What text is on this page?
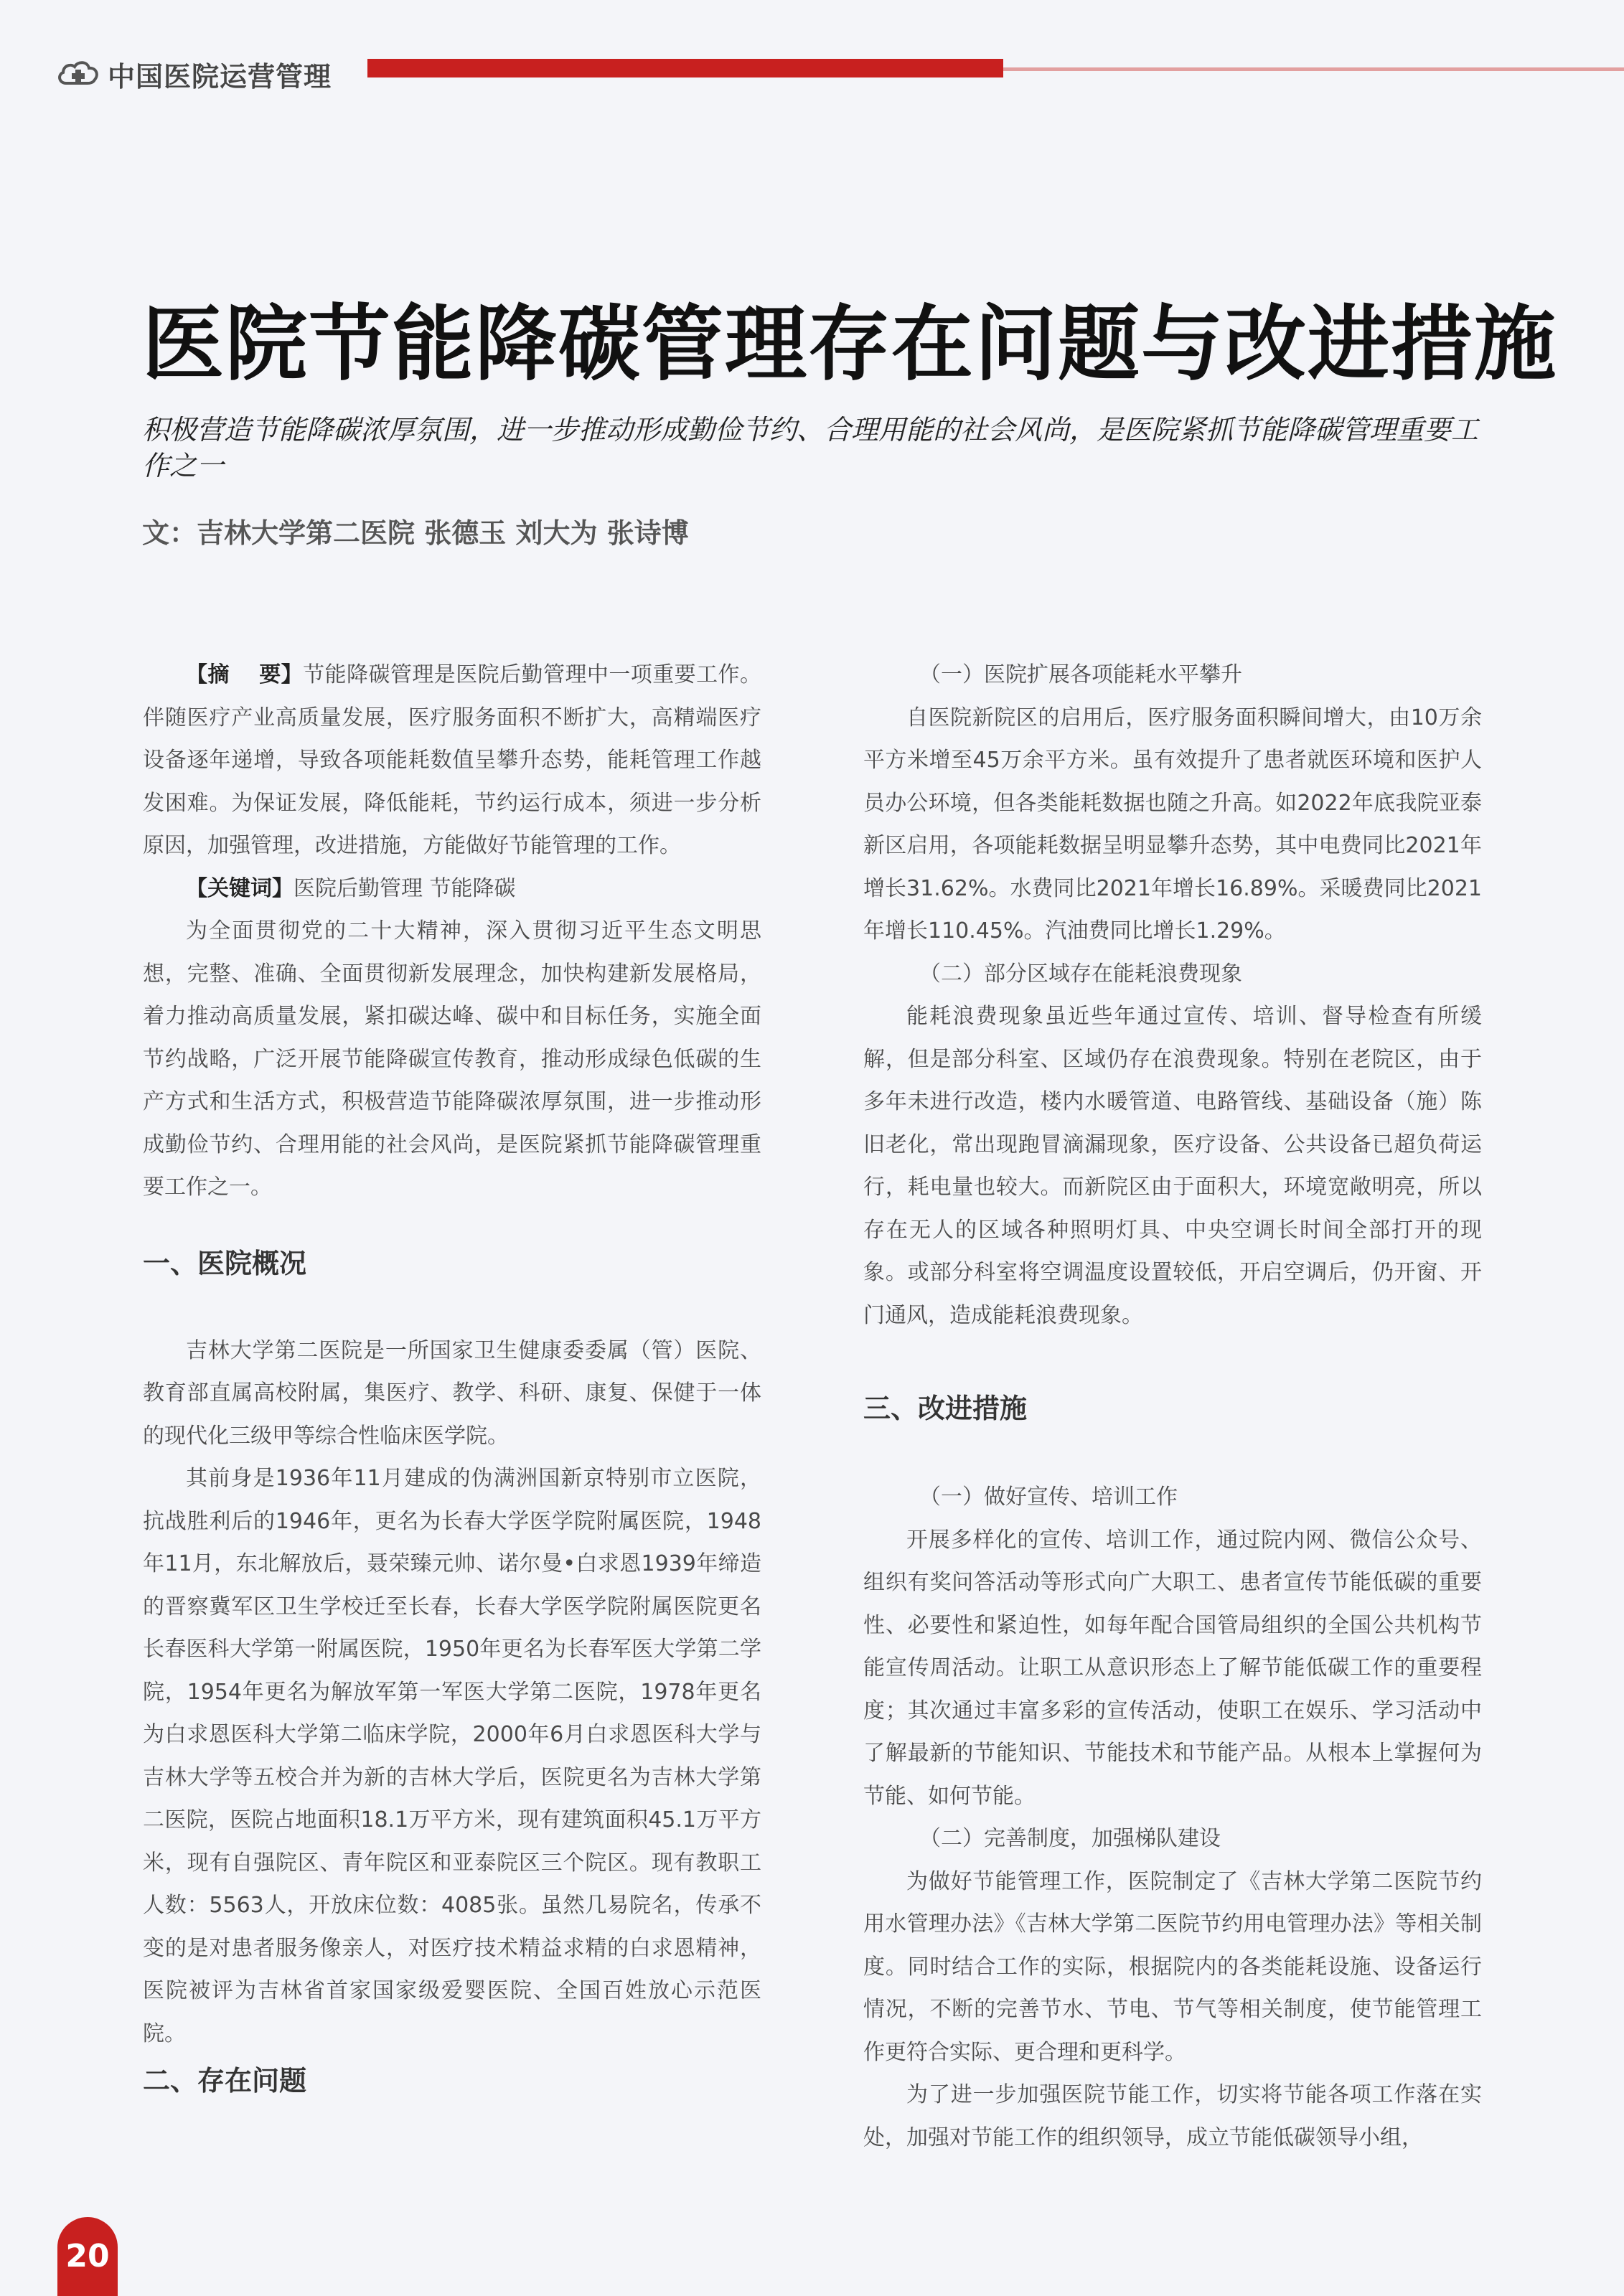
中国医院运营管理
医院节能降碳管理存在问题与改进措施
积极营造节能降碳浓厚氛围，进一步推动形成勤俭节约、合理用能的社会风尚，是医院紧抓节能降碳管理重要工作之一
文：吉林大学第二医院 张德玉 刘大为 张诗博

【摘　 要】节能降碳管理是医院后勤管理中一项重要工作。伴随医疗产业高质量发展，医疗服务面积不断扩大，高精端医疗设备逐年递增，导致各项能耗数值呈攀升态势，能耗管理工作越发困难。为保证发展，降低能耗，节约运行成本，须进一步分析原因，加强管理，改进措施，方能做好节能管理的工作。

【关键词】医院后勤管理 节能降碳

为全面贯彻党的二十大精神，深入贯彻习近平生态文明思想，完整、准确、全面贯彻新发展理念，加快构建新发展格局，着力推动高质量发展，紧扣碳达峰、碳中和目标任务，实施全面节约战略，广泛开展节能降碳宣传教育，推动形成绿色低碳的生产方式和生活方式，积极营造节能降碳浓厚氛围，进一步推动形成勤俭节约、合理用能的社会风尚，是医院紧抓节能降碳管理重要工作之一。

一、医院概况

吉林大学第二医院是一所国家卫生健康委委属（管）医院、教育部直属高校附属，集医疗、教学、科研、康复、保健于一体的现代化三级甲等综合性临床医学院。

其前身是1936年11月建成的伪满洲国新京特别市立医院，抗战胜利后的1946年，更名为长春大学医学院附属医院，1948年11月，东北解放后，聂荣臻元帅、诺尔曼•白求恩1939年缔造的晋察冀军区卫生学校迁至长春，长春大学医学院附属医院更名长春医科大学第一附属医院，1950年更名为长春军医大学第二学院，1954年更名为解放军第一军医大学第二医院，1978年更名为白求恩医科大学第二临床学院，2000年6月白求恩医科大学与吉林大学等五校合并为新的吉林大学后，医院更名为吉林大学第二医院，医院占地面积18.1万平方米，现有建筑面积45.1万平方米，现有自强院区、青年院区和亚泰院区三个院区。现有教职工人数：5563人，开放床位数：4085张。虽然几易院名，传承不变的是对患者服务像亲人，对医疗技术精益求精的白求恩精神，医院被评为吉林省首家国家级爱婴医院、全国百姓放心示范医院。

二、存在问题

（一）医院扩展各项能耗水平攀升

自医院新院区的启用后，医疗服务面积瞬间增大，由10万余平方米增至45万余平方米。虽有效提升了患者就医环境和医护人员办公环境，但各类能耗数据也随之升高。如2022年底我院亚泰新区启用，各项能耗数据呈明显攀升态势，其中电费同比2021年增长31.62%。水费同比2021年增长16.89%。采暖费同比2021年增长110.45%。汽油费同比增长1.29%。

（二）部分区域存在能耗浪费现象

能耗浪费现象虽近些年通过宣传、培训、督导检查有所缓解，但是部分科室、区域仍存在浪费现象。特别在老院区，由于多年未进行改造，楼内水暖管道、电路管线、基础设备（施）陈旧老化，常出现跑冒滴漏现象，医疗设备、公共设备已超负荷运行，耗电量也较大。而新院区由于面积大，环境宽敞明亮，所以存在无人的区域各种照明灯具、中央空调长时间全部打开的现象。或部分科室将空调温度设置较低，开启空调后，仍开窗、开门通风，造成能耗浪费现象。

三、改进措施

（一）做好宣传、培训工作

开展多样化的宣传、培训工作，通过院内网、微信公众号、组织有奖问答活动等形式向广大职工、患者宣传节能低碳的重要性、必要性和紧迫性，如每年配合国管局组织的全国公共机构节能宣传周活动。让职工从意识形态上了解节能低碳工作的重要程度；其次通过丰富多彩的宣传活动，使职工在娱乐、学习活动中了解最新的节能知识、节能技术和节能产品。从根本上掌握何为节能、如何节能。

（二）完善制度，加强梯队建设

为做好节能管理工作，医院制定了《吉林大学第二医院节约用水管理办法》《吉林大学第二医院节约用电管理办法》等相关制度。同时结合工作的实际，根据院内的各类能耗设施、设备运行情况，不断的完善节水、节电、节气等相关制度，使节能管理工作更符合实际、更合理和更科学。

为了进一步加强医院节能工作，切实将节能各项工作落在实处，加强对节能工作的组织领导，成立节能低碳领导小组，

20
